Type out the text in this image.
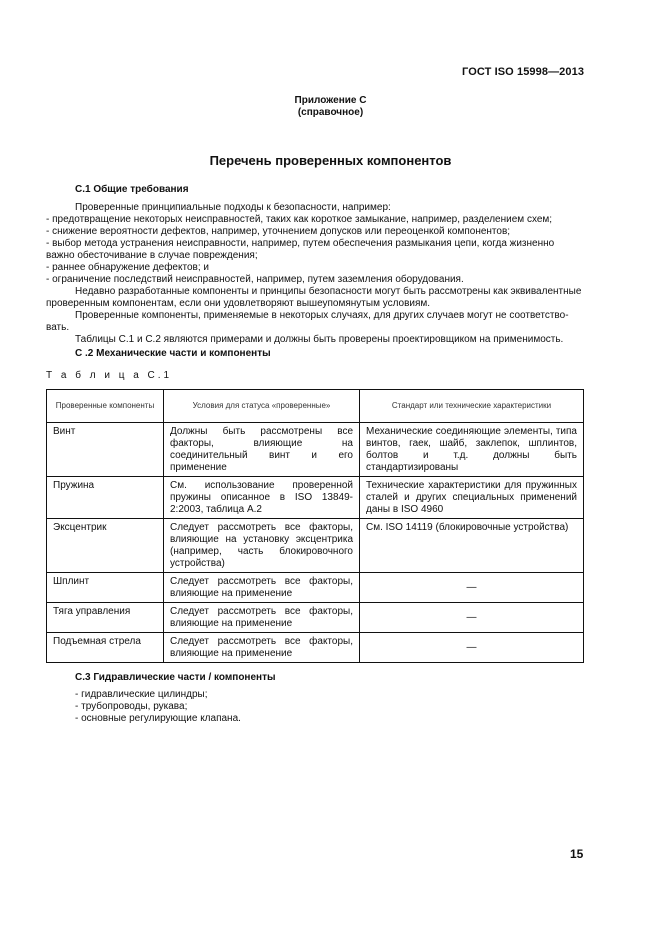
ГОСТ ISO 15998—2013
Приложение С
(справочное)
Перечень проверенных компонентов
С.1 Общие требования
Проверенные принципиальные подходы к безопасности, например:
- предотвращение некоторых неисправностей, таких как короткое замыкание, например, разделением схем;
- снижение вероятности дефектов, например, уточнением допусков или переоценкой компонентов;
- выбор метода устранения неисправности, например, путем обеспечения размыкания цепи, когда жизненно
важно обесточивание в случае повреждения;
- раннее обнаружение дефектов; и
- ограничение последствий неисправностей, например, путем заземления оборудования.
Недавно разработанные компоненты и принципы безопасности могут быть рассмотрены как эквивалентные
проверенным компонентам, если они удовлетворяют вышеупомянутым условиям.
Проверенные компоненты, применяемые в некоторых случаях, для других случаев могут не соответство-
вать.
Таблицы С.1 и С.2 являются примерами и должны быть проверены проектировщиком на применимость.
С .2 Механические части и компоненты
Т а б л и ц а С.1
Проверенные компоненты	Условия для статуса «проверенные»	Стандарт или технические характеристики
Винт	Должны быть рассмотрены все факторы, влияющие на соединительный винт и его применение	Механические соединяющие элементы, типа винтов, гаек, шайб, заклепок, шплинтов, болтов и т.д. должны быть стандартизированы
Пружина	См. использование проверенной пружины описанное в ISO 13849-2:2003, таблица А.2	Технические характеристики для пружинных сталей и других специальных применений даны в ISO 4960
Эксцентрик	Следует рассмотреть все факторы, влияющие на установку эксцентрика (например, часть блокировочного устройства)	См. ISO 14119 (блокировочные устройства)
Шплинт	Следует рассмотреть все факторы, влияющие на применение	—
Тяга управления	Следует рассмотреть все факторы, влияющие на применение	—
Подъемная стрела	Следует рассмотреть все факторы, влияющие на применение	—
С.3 Гидравлические части / компоненты
- гидравлические цилиндры;
- трубопроводы, рукава;
- основные регулирующие клапана.
15
